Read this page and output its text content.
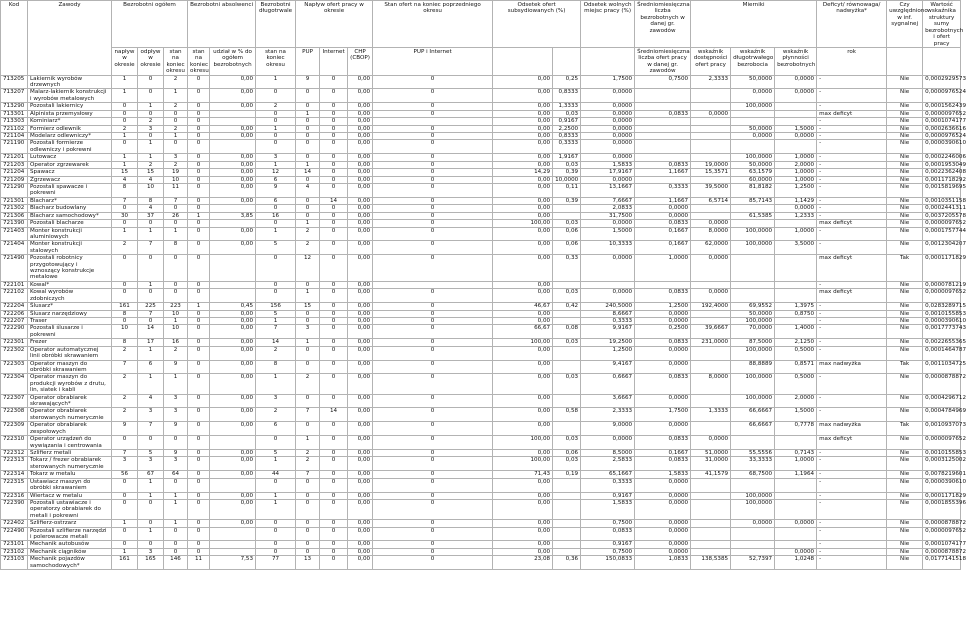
Kod	Zawody	Bezrobotni ogółem			Bezrobotni absolwenci		Bezrobotni długotrwale	Napływ ofert pracy w okresie			Stan ofert na koniec poprzedniego okresu	Odsetek ofert subsydiowanych (%)		Odsetek wolnych miejsc pracy (%)	Średniomiesięczna liczba bezrobotnych w danej gr. zawodów	Mierniki			Deficyt/ równowaga/ nadwyżka*	Czy uwzględniono w inf. sygnalnej	Wartość wskaźnika struktury sumy bezrobotnych i ofert pracy
		napływ w okresie	odpływ w okresie	stan na koniec okresu	stan na koniec okresu	udział w % do ogółem bezrobotnych	stan na koniec okresu	PUP	Internet	CHP (CBOP)	PUP i Internet				Średniomiesięczna liczba ofert pracy w danej gr. zawodów	wskaźnik dostępności ofert pracy	wskaźnik długotrwałego bezrobocia	wskaźnik płynności bezrobotnych	rok		
713205	Lakiernik wyrobów drzewnych	1	0	2	0	0,00	1	9	0	0,00	0	0,00	0,25	1,7500	0,7500	2,3333	50,0000	0,0000	-	Nie	0,0002929573
713207	Malarz-lakiernik konstrukcji i wyrobów metalowych	1	0	1	0	0,00	0	0	0	0,00	0	0,00	0,8333	0,0000			0,0000	0,0000	-	Nie	0,0000976524
713290	Pozostali lakiernicy	0	1	2	0	0,00	2	0	0	0,00	0	0,00	1,3333	0,0000			100,0000		-	Nie	0,0001562439
713301	Alpinista przemysłowy	0	0	0	0		0	1	0	0,00	0	0,00	0,03	0,0000	0,0833	0,0000			max deficyt	Nie	0,0000097652
713303	Kominiarz*	0	2	0	0		0	0	0	0,00		0,00	0,9167	0,0000					-	Nie	0,0001074177
721102	Formierz odlewnik	2	3	2	0	0,00	1	0	0	0,00	0	0,00	2,2500	0,0000			50,0000	1,5000	-	Nie	0,0002636616
721104	Modelarz odlewniczy*	1	0	1	0	0,00	0	0	0	0,00	0	0,00	0,8333	0,0000			0,0000	0,0000	-	Nie	0,0000976524
721190	Pozostali formierze odlewniczy i pokrewni	0	1	0	0		0	0	0	0,00	0	0,00	0,3333	0,0000					-	Nie	0,0000390610
721201	Lutowacz	1	1	3	0	0,00	3	0	0	0,00	0	0,00	1,9167	0,0000			100,0000	1,0000	-	Nie	0,0002246006
721203	Operator zgrzewarek	1	2	2	0	0,00	1	1	0	0,00	0	0,00	0,03	1,5833	0,0833	19,0000	50,0000	2,0000	-	Nie	0,0001953049
721204	Spawacz	15	15	19	0	0,00	12	14	0	0,00	0	14,29	0,39	17,9167	1,1667	15,3571	63,1579	1,0000	-	Nie	0,0022362408
721209	Zgrzewacz	4	4	10	0	0,00	6	0	0	0,00	0	0,00	10,0000	0,0000			60,0000	1,0000	-	Nie	0,0011718292
721290	Pozostali spawacze i pokrewni	8	10	11	0	0,00	9	4	0	0,00	0	0,00	0,11	13,1667	0,3333	39,5000	81,8182	1,2500	-	Nie	0,0015819695
721301	Blacharz*	7	8	7	0	0,00	6	0	14	0,00	0	0,00	0,39	7,6667	1,1667	6,5714	85,7143	1,1429	-	Nie	0,0010351158
721302	Blacharz budowlany	0	4	0	0		0	0	0	0,00	0	0,00		2,0833	0,0000			0,0000	-	Nie	0,0002441311
721306	Blacharz samochodowy*	30	37	26	1	3,85	16	0	0	0,00	0	0,00		31,7500	0,0000		61,5385	1,2333	-	Nie	0,0037205578
721390	Pozostali blacharze	0	0	0	0		0	1	0	0,00	0	100,00	0,03	0,0000	0,0833	0,0000			max deficyt	Nie	0,0000097652
721403	Monter konstrukcji aluminiowych	1	1	1	0	0,00	1	2	0	0,00	0	0,00	0,06	1,5000	0,1667	8,0000	100,0000	1,0000	-	Nie	0,0001757744
721404	Monter konstrukcji stalowych	2	7	8	0	0,00	5	2	0	0,00	0	0,00	0,06	10,3333	0,1667	62,0000	100,0000	3,5000	-	Nie	0,0012304207
721490	Pozostali robotnicy przygotowujący i wznoszący konstrukcje metalowe	0	0	0	0		0	12	0	0,00	0	0,00	0,33	0,0000	1,0000	0,0000			max deficyt	Tak	0,0001171829
722101	Kowal*	0	1	0	0		0	0	0	0,00		0,00							-	Nie	0,0000781219
722102	Kowal wyrobów zdobniczych	0	0	0	0		0	1	0	0,00	0	0,00	0,03	0,0000	0,0833	0,0000			max deficyt	Nie	0,0000097652
722204	Ślusarz*	161	225	223	1	0,45	156	15	0	0,00	0	46,67	0,42	240,5000	1,2500	192,4000	69,9552	1,3975	-	Nie	0,0283289715
722206	Ślusarz narzędziowy	8	7	10	0	0,00	5	0	0	0,00	0	0,00		8,6667	0,0000		50,0000	0,8750	-	Nie	0,0010155853
722207	Traser	0	0	1	0	0,00	1	0	0	0,00	0	0,00		0,3333	0,0000		100,0000		-	Nie	0,0000390610
722290	Pozostali ślusarze i pokrewni	10	14	10	0	0,00	7	3	0	0,00	0	66,67	0,08	9,9167	0,2500	39,6667	70,0000	1,4000	-	Nie	0,0017773743
722301	Frezer	8	17	16	0	0,00	14	1	0	0,00	0	100,00	0,03	19,2500	0,0833	231,0000	87,5000	2,1250	-	Nie	0,0022655365
722302	Operator automatycznej linii obróbki skrawaniem	2	1	2	0	0,00	2	0	0	0,00	0	0,00		1,2500	0,0000		100,0000	0,5000	-	Nie	0,0001464787
722303	Operator maszyn do obróbki skrawaniem	7	6	9	0	0,00	8	0	0	0,00	0	0,00		9,4167	0,0000		88,8889	0,8571	max nadwyżka	Tak	0,0011034725
722304	Operator maszyn do produkcji wyrobów z drutu, lin, siatek i kabli	2	1	1	0	0,00	1	2	0	0,00	0	0,00	0,03	0,6667	0,0833	8,0000	100,0000	0,5000	-	Nie	0,0000878872
722307	Operator obrabiarek skrawających*	2	4	3	0	0,00	3	0	0	0,00	0	0,00		3,6667	0,0000		100,0000	2,0000	-	Nie	0,0004296712
722308	Operator obrabiarek sterowanych numerycznie	2	3	3	0	0,00	2	7	14	0,00	0	0,00	0,58	2,3333	1,7500	1,3333	66,6667	1,5000	-	Nie	0,0004784969
722309	Operator obrabiarek zespołowych	9	7	9	0	0,00	6	0	0	0,00	0	0,00		9,0000	0,0000		66,6667	0,7778	max nadwyżka	Tak	0,0010937073
722310	Operator urządzeń do wywiązania i centrowania	0	0	0	0		0	1	0	0,00	0	100,00	0,03	0,0000	0,0833	0,0000			max deficyt	Nie	0,0000097652
722312	Szlifierz metali	7	5	9	0	0,00	5	2	0	0,00	0	0,00	0,06	8,5000	0,1667	51,0000	55,5556	0,7143	-	Nie	0,0010155853
722313	Tokarz / frezer obrabiarek sterowanych numerycznie	3	3	3	0	0,00	1	2	0	0,00	0	100,00	0,03	2,5833	0,0833	31,0000	33,3333	1,0000	-	Nie	0,0003125002
722314	Tokarz w metalu	56	67	64	0	0,00	44	7	0	0,00	0	71,43	0,19	65,1667	1,5833	41,1579	68,7500	1,1964	-	Nie	0,0078219601
722315	Ustawiacz maszyn do obróbki skrawaniem	0	1	0	0		0	0	0	0,00	0	0,00		0,3333	0,0000				-	Nie	0,0000390610
722316	Wiertacz w metalu	0	1	1	0	0,00	1	0	0	0,00	0	0,00		0,9167	0,0000		100,0000		-	Nie	0,0001171829
722390	Pozostali ustawiacze i operatorzy obrabiarek do metali i pokrewni	0	0	1	0	0,00	1	0	0	0,00	0	0,00		1,5833	0,0000		100,0000		-	Nie	0,0001855396
722402	Szlifierz-ostrzarz	1	0	1	0	0,00	0	0	0	0,00	0	0,00		0,7500	0,0000		0,0000	0,0000	-	Nie	0,0000878872
722490	Pozostali szlifierze narzędzi i polerowacze metali	0	1	0	0		0	0	0	0,00	0	0,00		0,0833	0,0000				-	Nie	0,0000097652
723101	Mechanik autobusów	0	0	0	0		0	0	0	0,00	0	0,00		0,9167	0,0000				-	Nie	0,0001074177
723102	Mechanik ciągników	1	3	0	0		0	0	0	0,00	0	0,00		0,7500	0,0000			0,0000	-	Nie	0,0000878872
723103	Mechanik pojazdów samochodowych*	161	165	146	11	7,53	77	13	0	0,00	0	23,08	0,36	150,0833	1,0833	138,5385	52,7397	1,0248	-	Nie	0,0177141518
